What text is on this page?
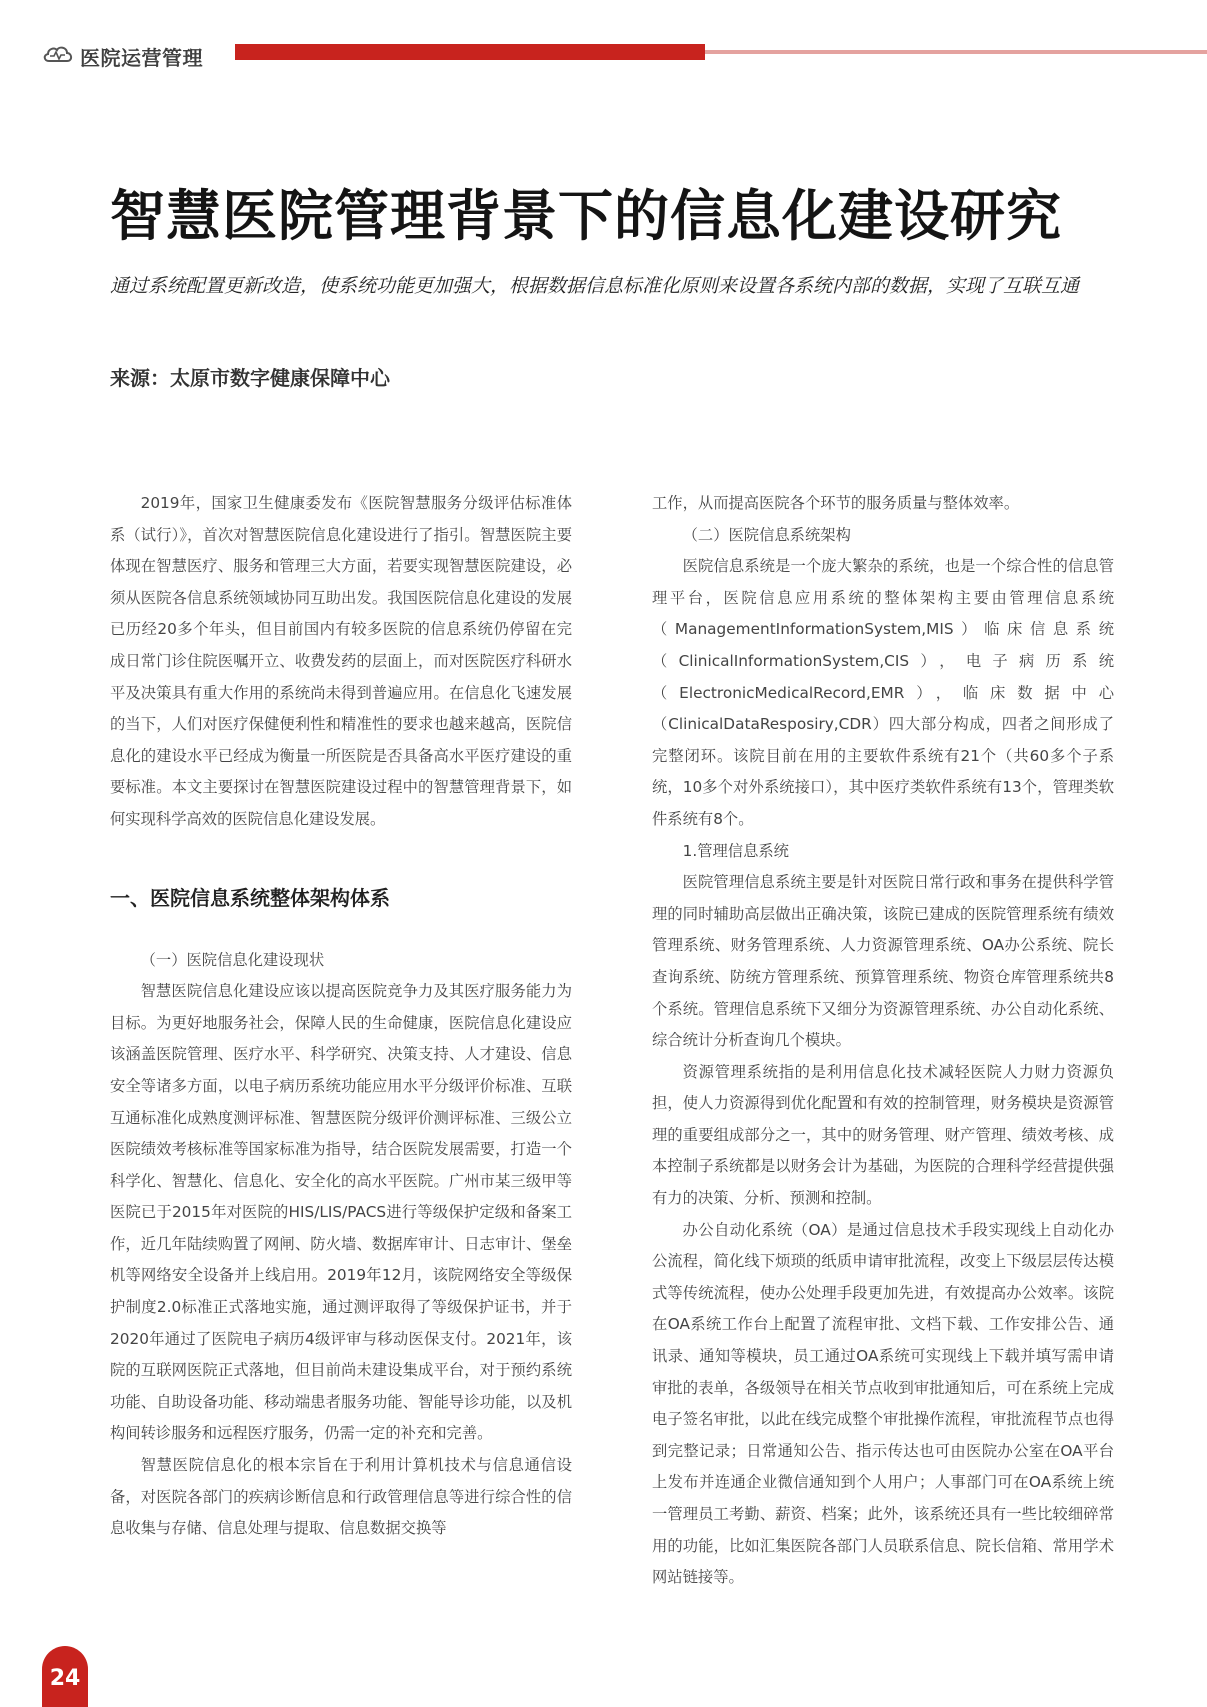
医院运营管理
智慧医院管理背景下的信息化建设研究
通过系统配置更新改造，使系统功能更加强大，根据数据信息标准化原则来设置各系统内部的数据，实现了互联互通
来源：太原市数字健康保障中心

2019年，国家卫生健康委发布《医院智慧服务分级评估标准体系（试行）》，首次对智慧医院信息化建设进行了指引。智慧医院主要体现在智慧医疗、服务和管理三大方面，若要实现智慧医院建设，必须从医院各信息系统领域协同互助出发。我国医院信息化建设的发展已历经20多个年头，但目前国内有较多医院的信息系统仍停留在完成日常门诊住院医嘱开立、收费发药的层面上，而对医院医疗科研水平及决策具有重大作用的系统尚未得到普遍应用。在信息化飞速发展的当下，人们对医疗保健便利性和精准性的要求也越来越高，医院信息化的建设水平已经成为衡量一所医院是否具备高水平医疗建设的重要标准。本文主要探讨在智慧医院建设过程中的智慧管理背景下，如何实现科学高效的医院信息化建设发展。

一、医院信息系统整体架构体系

（一）医院信息化建设现状

智慧医院信息化建设应该以提高医院竞争力及其医疗服务能力为目标。为更好地服务社会，保障人民的生命健康，医院信息化建设应该涵盖医院管理、医疗水平、科学研究、决策支持、人才建设、信息安全等诸多方面，以电子病历系统功能应用水平分级评价标准、互联互通标准化成熟度测评标准、智慧医院分级评价测评标准、三级公立医院绩效考核标准等国家标准为指导，结合医院发展需要，打造一个科学化、智慧化、信息化、安全化的高水平医院。广州市某三级甲等医院已于2015年对医院的HIS/LIS/PACS进行等级保护定级和备案工作，近几年陆续购置了网闸、防火墙、数据库审计、日志审计、堡垒机等网络安全设备并上线启用。2019年12月，该院网络安全等级保护制度2.0标准正式落地实施，通过测评取得了等级保护证书，并于2020年通过了医院电子病历4级评审与移动医保支付。2021年，该院的互联网医院正式落地，但目前尚未建设集成平台，对于预约系统功能、自助设备功能、移动端患者服务功能、智能导诊功能，以及机构间转诊服务和远程医疗服务，仍需一定的补充和完善。

智慧医院信息化的根本宗旨在于利用计算机技术与信息通信设备，对医院各部门的疾病诊断信息和行政管理信息等进行综合性的信息收集与存储、信息处理与提取、信息数据交换等

工作，从而提高医院各个环节的服务质量与整体效率。

（二）医院信息系统架构

医院信息系统是一个庞大繁杂的系统，也是一个综合性的信息管理平台，医院信息应用系统的整体架构主要由管理信息系统（ManagementInformationSystem,MIS）临床信息系统（ClinicalInformationSystem,CIS），电子病历系统（ElectronicMedicalRecord,EMR），临床数据中心（ClinicalDataResposiry,CDR）四大部分构成，四者之间形成了完整闭环。该院目前在用的主要软件系统有21个（共60多个子系统，10多个对外系统接口），其中医疗类软件系统有13个，管理类软件系统有8个。

1.管理信息系统

医院管理信息系统主要是针对医院日常行政和事务在提供科学管理的同时辅助高层做出正确决策，该院已建成的医院管理系统有绩效管理系统、财务管理系统、人力资源管理系统、OA办公系统、院长查询系统、防统方管理系统、预算管理系统、物资仓库管理系统共8个系统。管理信息系统下又细分为资源管理系统、办公自动化系统、综合统计分析查询几个模块。

资源管理系统指的是利用信息化技术减轻医院人力财力资源负担，使人力资源得到优化配置和有效的控制管理，财务模块是资源管理的重要组成部分之一，其中的财务管理、财产管理、绩效考核、成本控制子系统都是以财务会计为基础，为医院的合理科学经营提供强有力的决策、分析、预测和控制。

办公自动化系统（OA）是通过信息技术手段实现线上自动化办公流程，简化线下烦琐的纸质申请审批流程，改变上下级层层传达模式等传统流程，使办公处理手段更加先进，有效提高办公效率。该院在OA系统工作台上配置了流程审批、文档下载、工作安排公告、通讯录、通知等模块，员工通过OA系统可实现线上下载并填写需申请审批的表单，各级领导在相关节点收到审批通知后，可在系统上完成电子签名审批，以此在线完成整个审批操作流程，审批流程节点也得到完整记录；日常通知公告、指示传达也可由医院办公室在OA平台上发布并连通企业微信通知到个人用户；人事部门可在OA系统上统一管理员工考勤、薪资、档案；此外，该系统还具有一些比较细碎常用的功能，比如汇集医院各部门人员联系信息、院长信箱、常用学术网站链接等。

24
